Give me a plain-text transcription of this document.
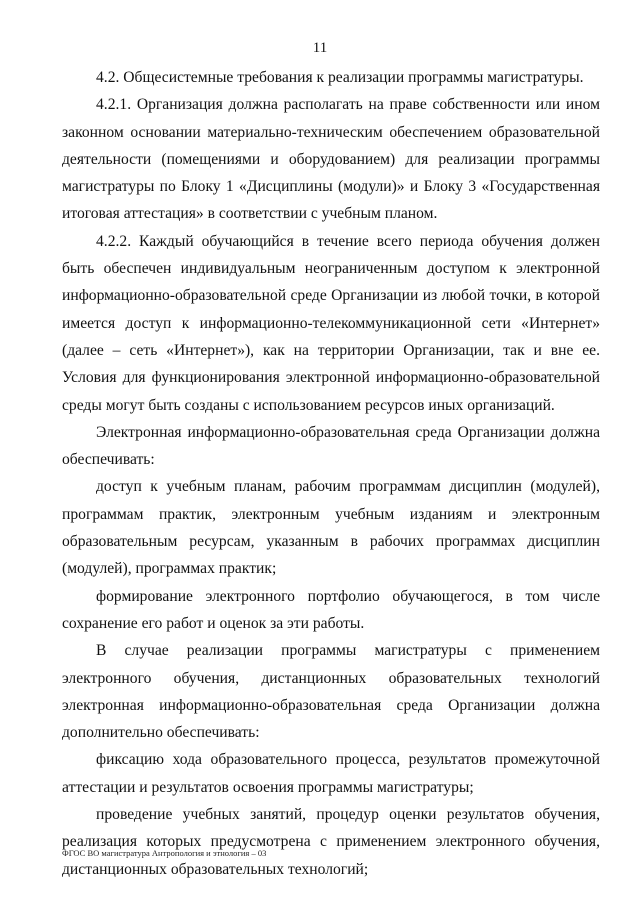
11

4.2. Общесистемные требования к реализации программы магистратуры.

4.2.1. Организация должна располагать на праве собственности или ином законном основании материально-техническим обеспечением образовательной деятельности (помещениями и оборудованием) для реализации программы магистратуры по Блоку 1 «Дисциплины (модули)» и Блоку 3 «Государственная итоговая аттестация» в соответствии с учебным планом.

4.2.2. Каждый обучающийся в течение всего периода обучения должен быть обеспечен индивидуальным неограниченным доступом к электронной информационно-образовательной среде Организации из любой точки, в которой имеется доступ к информационно-телекоммуникационной сети «Интернет» (далее – сеть «Интернет»), как на территории Организации, так и вне ее. Условия для функционирования электронной информационно-образовательной среды могут быть созданы с использованием ресурсов иных организаций.

Электронная информационно-образовательная среда Организации должна обеспечивать:

доступ к учебным планам, рабочим программам дисциплин (модулей), программам практик, электронным учебным изданиям и электронным образовательным ресурсам, указанным в рабочих программах дисциплин (модулей), программах практик;

формирование электронного портфолио обучающегося, в том числе сохранение его работ и оценок за эти работы.

В случае реализации программы магистратуры с применением электронного обучения, дистанционных образовательных технологий электронная информационно-образовательная среда Организации должна дополнительно обеспечивать:

фиксацию хода образовательного процесса, результатов промежуточной аттестации и результатов освоения программы магистратуры;

проведение учебных занятий, процедур оценки результатов обучения, реализация которых предусмотрена с применением электронного обучения, дистанционных образовательных технологий;

ФГОС ВО магистратура Антропология и этнология – 03
